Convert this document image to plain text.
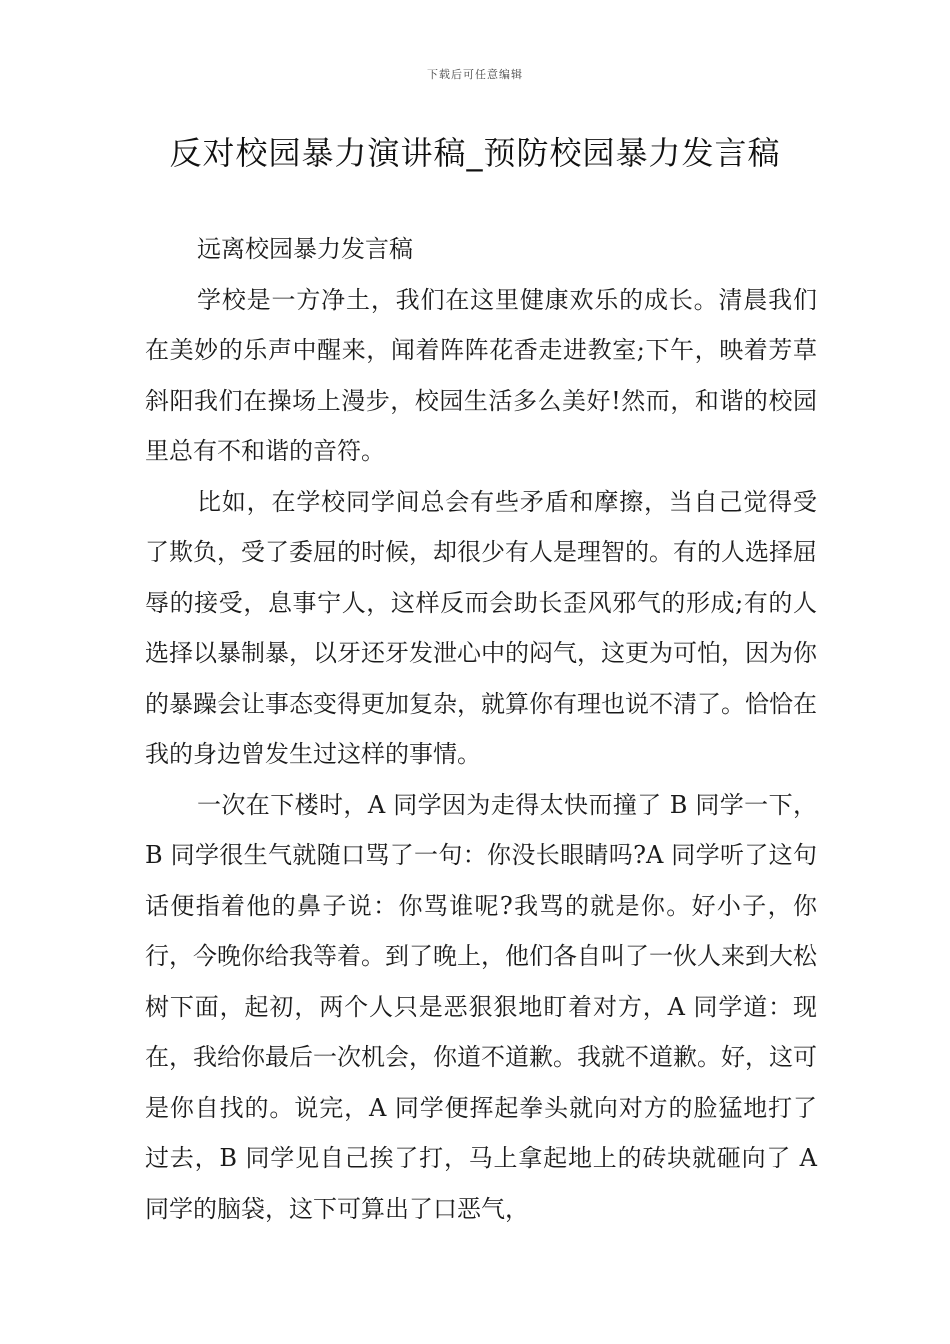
下载后可任意编辑
反对校园暴力演讲稿_预防校园暴力发言稿

远离校园暴力发言稿

学校是一方净土，我们在这里健康欢乐的成长。清晨我们在美妙的乐声中醒来，闻着阵阵花香走进教室;下午，映着芳草斜阳我们在操场上漫步，校园生活多么美好!然而，和谐的校园里总有不和谐的音符。

比如，在学校同学间总会有些矛盾和摩擦，当自己觉得受了欺负，受了委屈的时候，却很少有人是理智的。有的人选择屈辱的接受，息事宁人，这样反而会助长歪风邪气的形成;有的人选择以暴制暴，以牙还牙发泄心中的闷气，这更为可怕，因为你的暴躁会让事态变得更加复杂，就算你有理也说不清了。恰恰在我的身边曾发生过这样的事情。

一次在下楼时，A 同学因为走得太快而撞了 B 同学一下，B 同学很生气就随口骂了一句：你没长眼睛吗?A 同学听了这句话便指着他的鼻子说：你骂谁呢?我骂的就是你。好小子，你行，今晚你给我等着。到了晚上，他们各自叫了一伙人来到大松树下面，起初，两个人只是恶狠狠地盯着对方，A 同学道：现在，我给你最后一次机会，你道不道歉。我就不道歉。好，这可是你自找的。说完，A 同学便挥起拳头就向对方的脸猛地打了过去，B 同学见自己挨了打，马上拿起地上的砖块就砸向了 A 同学的脑袋，这下可算出了口恶气，
